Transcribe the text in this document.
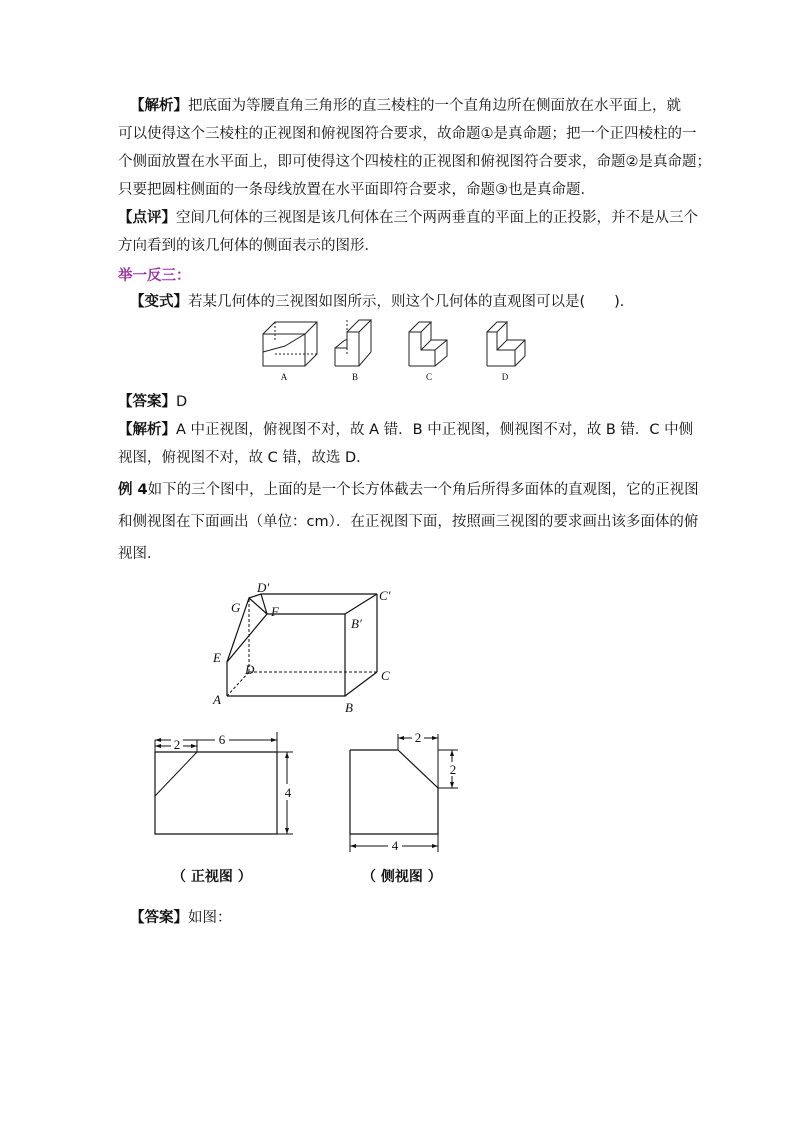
【解析】把底面为等腰直角三角形的直三棱柱的一个直角边所在侧面放在水平面上，就
可以使得这个三棱柱的正视图和俯视图符合要求，故命题①是真命题；把一个正四棱柱的一
个侧面放置在水平面上，即可使得这个四棱柱的正视图和俯视图符合要求，命题②是真命题；
只要把圆柱侧面的一条母线放置在水平面即符合要求，命题③也是真命题．
【点评】空间几何体的三视图是该几何体在三个两两垂直的平面上的正投影，并不是从三个
方向看到的该几何体的侧面表示的图形．
举一反三：
【变式】若某几何体的三视图如图所示，则这个几何体的直观图可以是(　　)．
A	B	C	D
【答案】D
【解析】A 中正视图，俯视图不对，故 A 错．B 中正视图，侧视图不对，故 B 错．C 中侧
视图，俯视图不对，故 C 错，故选 D.
例 4如下的三个图中，上面的是一个长方体截去一个角后所得多面体的直观图，它的正视图
和侧视图在下面画出（单位：cm）．在正视图下面，按照画三视图的要求画出该多面体的俯
视图．
D′
C′
G F
B′
E
D	C
A
B
6
2
4
2
2
4
（ 正视图 ）	（ 侧视图 ）
【答案】如图：
